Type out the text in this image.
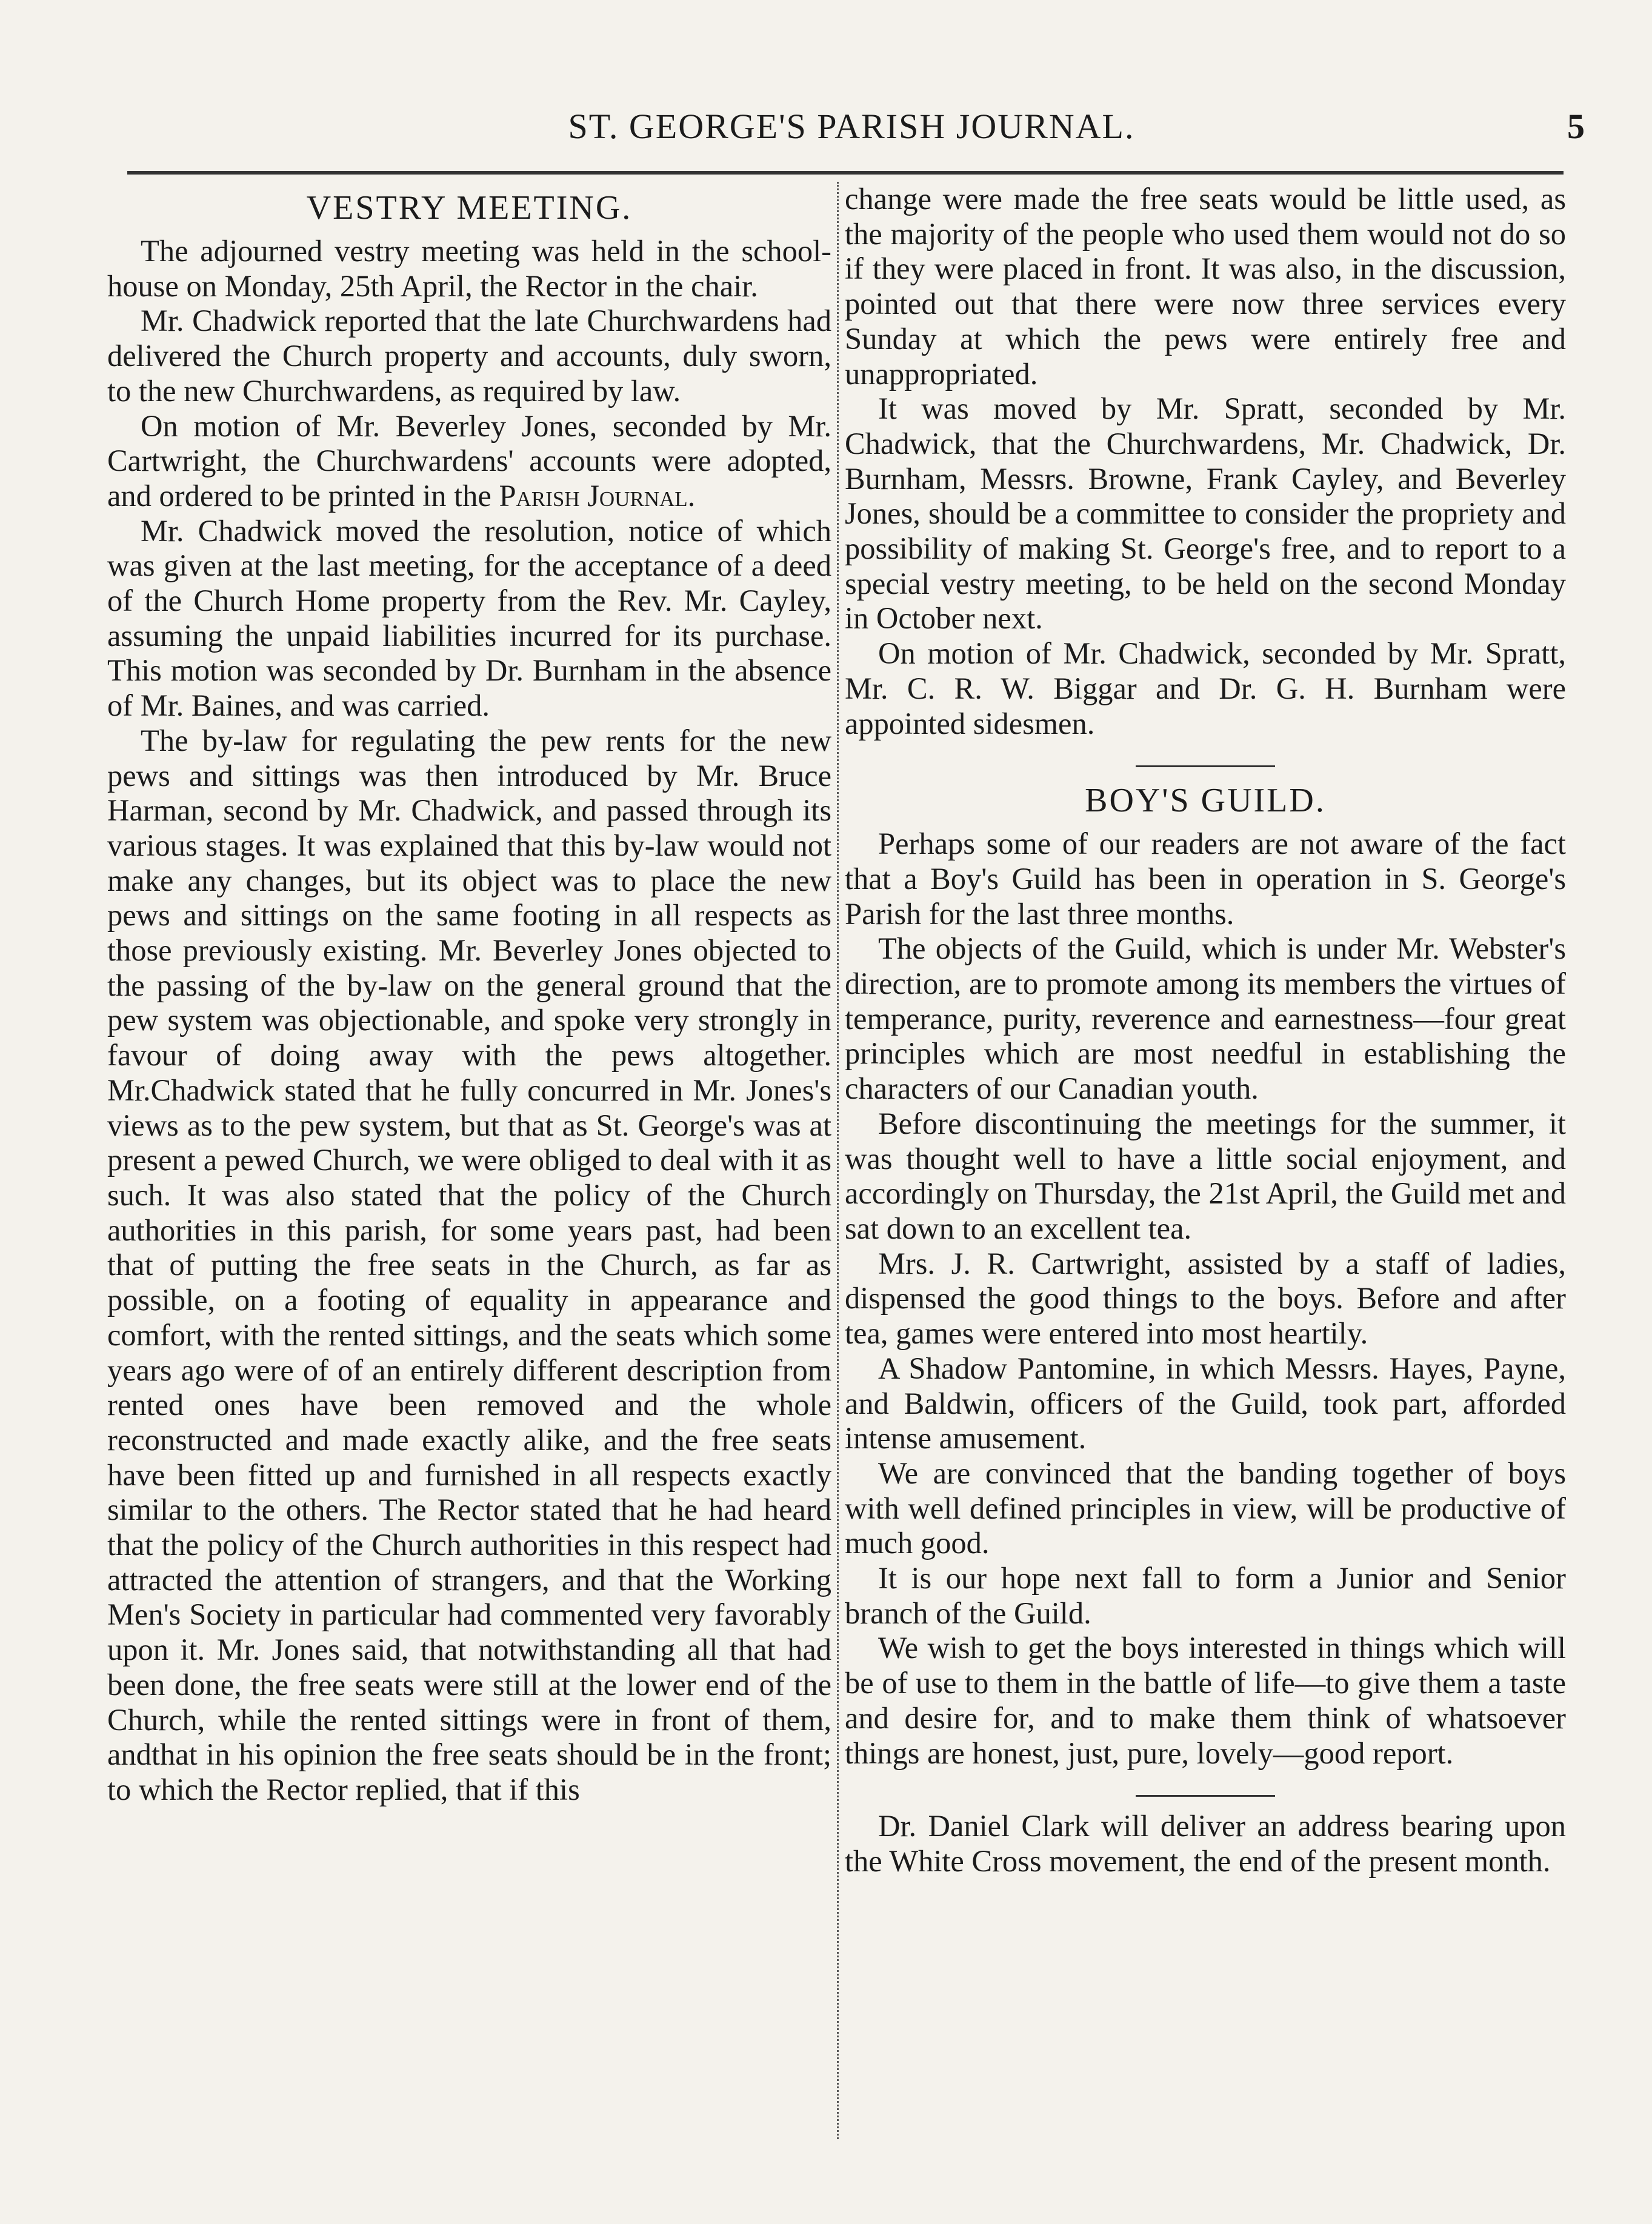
ST. GEORGE'S PARISH JOURNAL.	5
VESTRY MEETING.

The adjourned vestry meeting was held in the school-house on Monday, 25th April, the Rector in the chair.

Mr. Chadwick reported that the late Churchwardens had delivered the Church property and accounts, duly sworn, to the new Churchwardens, as required by law.

On motion of Mr. Beverley Jones, seconded by Mr. Cartwright, the Churchwardens' accounts were adopted, and ordered to be printed in the Parish Journal.

Mr. Chadwick moved the resolution, notice of which was given at the last meeting, for the acceptance of a deed of the Church Home property from the Rev. Mr. Cayley, assuming the unpaid liabilities incurred for its purchase. This motion was seconded by Dr. Burnham in the absence of Mr. Baines, and was carried.

The by-law for regulating the pew rents for the new pews and sittings was then introduced by Mr. Bruce Harman, second by Mr. Chadwick, and passed through its various stages. It was explained that this by-law would not make any changes, but its object was to place the new pews and sittings on the same footing in all respects as those previously existing. Mr. Beverley Jones objected to the passing of the by-law on the general ground that the pew system was objectionable, and spoke very strongly in favour of doing away with the pews altogether. Mr.Chadwick stated that he fully concurred in Mr. Jones's views as to the pew system, but that as St. George's was at present a pewed Church, we were obliged to deal with it as such. It was also stated that the policy of the Church authorities in this parish, for some years past, had been that of putting the free seats in the Church, as far as possible, on a footing of equality in appearance and comfort, with the rented sittings, and the seats which some years ago were of of an entirely different description from rented ones have been removed and the whole reconstructed and made exactly alike, and the free seats have been fitted up and furnished in all respects exactly similar to the others. The Rector stated that he had heard that the policy of the Church authorities in this respect had attracted the attention of strangers, and that the Working Men's Society in particular had commented very favorably upon it. Mr. Jones said, that notwithstanding all that had been done, the free seats were still at the lower end of the Church, while the rented sittings were in front of them, andthat in his opinion the free seats should be in the front; to which the Rector replied, that if this

change were made the free seats would be little used, as the majority of the people who used them would not do so if they were placed in front. It was also, in the discussion, pointed out that there were now three services every Sunday at which the pews were entirely free and unappropriated.

It was moved by Mr. Spratt, seconded by Mr. Chadwick, that the Churchwardens, Mr. Chadwick, Dr. Burnham, Messrs. Browne, Frank Cayley, and Beverley Jones, should be a committee to consider the propriety and possibility of making St. George's free, and to report to a special vestry meeting, to be held on the second Monday in October next.

On motion of Mr. Chadwick, seconded by Mr. Spratt, Mr. C. R. W. Biggar and Dr. G. H. Burnham were appointed sidesmen.

BOY'S GUILD.

Perhaps some of our readers are not aware of the fact that a Boy's Guild has been in operation in S. George's Parish for the last three months.

The objects of the Guild, which is under Mr. Webster's direction, are to promote among its members the virtues of temperance, purity, reverence and earnestness—four great principles which are most needful in establishing the characters of our Canadian youth.

Before discontinuing the meetings for the summer, it was thought well to have a little social enjoyment, and accordingly on Thursday, the 21st April, the Guild met and sat down to an excellent tea.

Mrs. J. R. Cartwright, assisted by a staff of ladies, dispensed the good things to the boys. Before and after tea, games were entered into most heartily.

A Shadow Pantomine, in which Messrs. Hayes, Payne, and Baldwin, officers of the Guild, took part, afforded intense amusement.

We are convinced that the banding together of boys with well defined principles in view, will be productive of much good.

It is our hope next fall to form a Junior and Senior branch of the Guild.

We wish to get the boys interested in things which will be of use to them in the battle of life—to give them a taste and desire for, and to make them think of whatsoever things are honest, just, pure, lovely—good report.

Dr. Daniel Clark will deliver an address bearing upon the White Cross movement, the end of the present month.
